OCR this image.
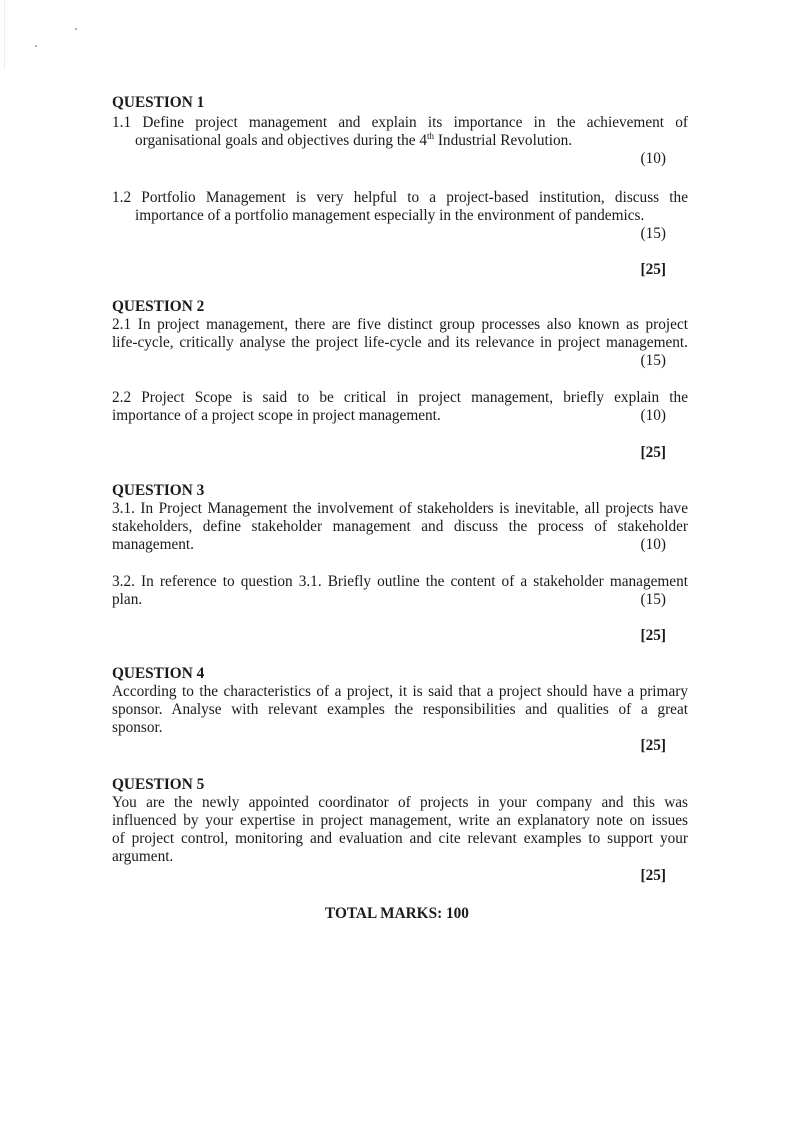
QUESTION 1
1.1 Define project management and explain its importance in the achievement of
organisational goals and objectives during the 4th Industrial Revolution.
(10)
1.2 Portfolio Management is very helpful to a project-based institution, discuss the
importance of a portfolio management especially in the environment of pandemics.
(15)
[25]
QUESTION 2
2.1 In project management, there are five distinct group processes also known as project
life-cycle, critically analyse the project life-cycle and its relevance in project management.
(15)
2.2 Project Scope is said to be critical in project management, briefly explain the
importance of a project scope in project management.	(10)
[25]
QUESTION 3
3.1. In Project Management the involvement of stakeholders is inevitable, all projects have
stakeholders, define stakeholder management and discuss the process of stakeholder
management.	(10)
3.2. In reference to question 3.1. Briefly outline the content of a stakeholder management
plan.	(15)
[25]
QUESTION 4
According to the characteristics of a project, it is said that a project should have a primary
sponsor. Analyse with relevant examples the responsibilities and qualities of a great
sponsor.
[25]
QUESTION 5
You are the newly appointed coordinator of projects in your company and this was
influenced by your expertise in project management, write an explanatory note on issues
of project control, monitoring and evaluation and cite relevant examples to support your
argument.
[25]
TOTAL MARKS: 100
